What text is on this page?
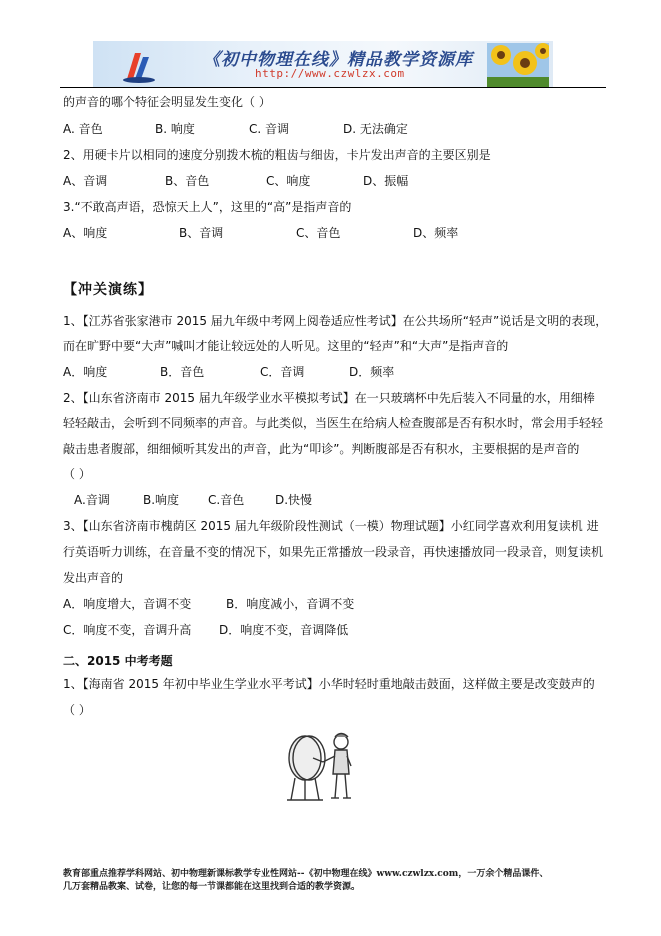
《初中物理在线》精品教学资源库
http://www.czwlzx.com
的声音的哪个特征会明显发生变化（ ）
A. 音色	B. 响度	C. 音调	D. 无法确定
2、用硬卡片以相同的速度分别拨木梳的粗齿与细齿，卡片发出声音的主要区别是
A、音调	B、音色	C、响度	D、振幅
3.“不敢高声语，恐惊天上人”，这里的“高”是指声音的
A、响度	B、音调	C、音色	D、频率
【冲关演练】
1、【江苏省张家港市 2015 届九年级中考网上阅卷适应性考试】在公共场所“轻声”说话是文明的表现，
而在旷野中要“大声”喊叫才能让较远处的人听见。这里的“轻声”和“大声”是指声音的
A．响度	B．音色	C．音调	D．频率
2、【山东省济南市 2015 届九年级学业水平模拟考试】在一只玻璃杯中先后装入不同量的水，用细棒
轻轻敲击，会听到不同频率的声音。与此类似，当医生在给病人检查腹部是否有积水时，常会用手轻轻
敲击患者腹部，细细倾听其发出的声音，此为“叩诊”。判断腹部是否有积水，主要根据的是声音的
（ ）
A.音调	B.响度 C.音色	D.快慢
3、【山东省济南市槐荫区 2015 届九年级阶段性测试（一模）物理试题】小红同学喜欢利用复读机 进
行英语听力训练，在音量不变的情况下，如果先正常播放一段录音，再快速播放同一段录音，则复读机
发出声音的
A．响度增大，音调不变	B．响度减小，音调不变
C．响度不变，音调升高 D．响度不变，音调降低
二、2015 中考考题
1、【海南省 2015 年初中毕业生学业水平考试】小华时轻时重地敲击鼓面，这样做主要是改变鼓声的
（ ）
教育部重点推荐学科网站、初中物理新课标教学专业性网站--《初中物理在线》www.czwlzx.com，一万余个精品课件、
几万套精品教案、试卷，让您的每一节课都能在这里找到合适的教学资源。
